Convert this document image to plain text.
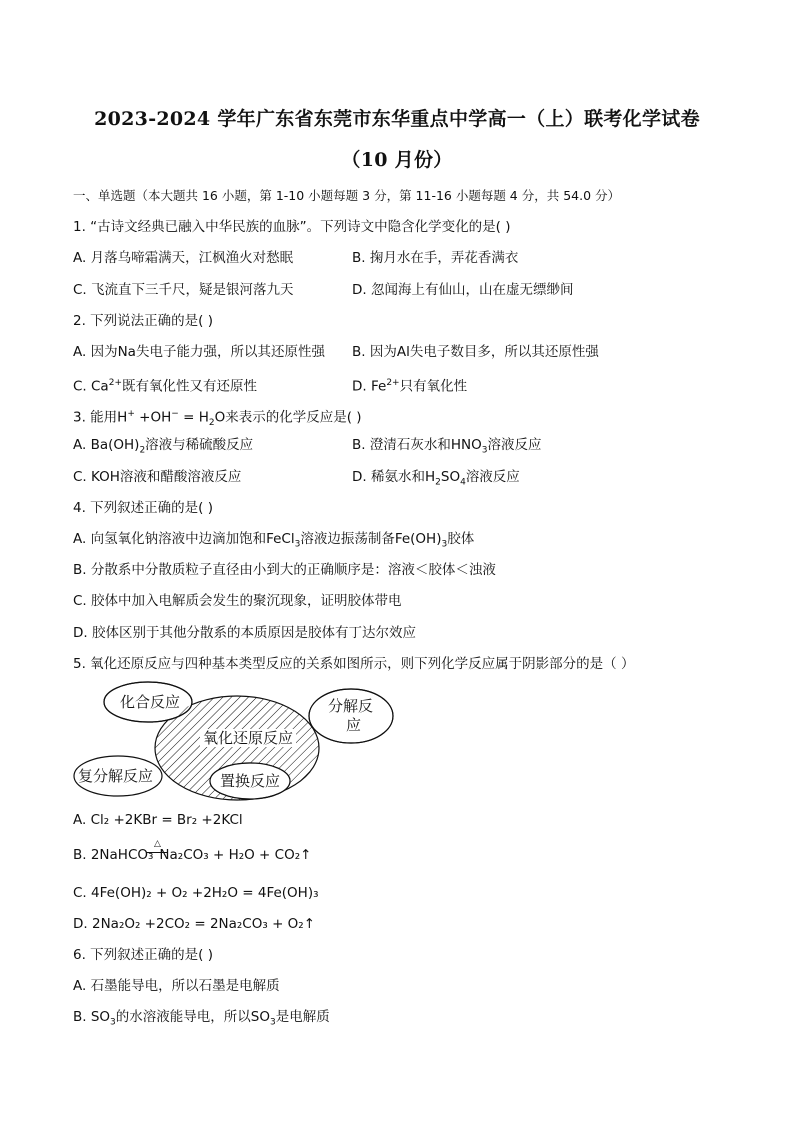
2023-2024 学年广东省东莞市东华重点中学高一（上）联考化学试卷
（10 月份）
一、单选题（本大题共 16 小题，第 1-10 小题每题 3 分，第 11-16 小题每题 4 分，共 54.0 分）
1. “古诗文经典已融入中华民族的血脉”。下列诗文中隐含化学变化的是( )
A. 月落乌啼霜满天，江枫渔火对愁眠	B. 掬月水在手，弄花香满衣
C. 飞流直下三千尺，疑是银河落九天	D. 忽闻海上有仙山，山在虚无缥缈间
2. 下列说法正确的是( )
A. 因为Na失电子能力强，所以其还原性强 B. 因为Al失电子数目多，所以其还原性强
C. $Ca^{2+}$既有氧化性又有还原性	D. $Fe^{2+}$只有氧化性
3. 能用$H^+ +OH^- = H_2O$来表示的化学反应是( )
A. $Ba(OH)_2$溶液与稀硫酸反应	B. 澄清石灰水和$HNO_3$溶液反应
C. KOH溶液和醋酸溶液反应	D. 稀氨水和$H_2SO_4$溶液反应
4. 下列叙述正确的是( )
A. 向氢氧化钠溶液中边滴加饱和FeCl$_3$溶液边振荡制备$Fe(OH)_3$胶体
B. 分散系中分散质粒子直径由小到大的正确顺序是：溶液＜胶体＜浊液
C. 胶体中加入电解质会发生的聚沉现象，证明胶体带电
D. 胶体区别于其他分散系的本质原因是胶体有丁达尔效应
5. 氧化还原反应与四种基本类型反应的关系如图所示，则下列化学反应属于阴影部分的是（ ）
化合反应	分解反
应
氧化还原反应
复分解反应	置换反应
A. Cl₂ +2KBr = Br₂ +2KCl
B. 2NaHCO₃ Na₂CO₃ + H₂O + CO₂↑
△
C. 4Fe(OH)₂ + O₂ +2H₂O = 4Fe(OH)₃
D. 2Na₂O₂ +2CO₂ = 2Na₂CO₃ + O₂↑
6. 下列叙述正确的是( )
A. 石墨能导电，所以石墨是电解质
B. $SO_3$的水溶液能导电，所以$SO_3$是电解质
